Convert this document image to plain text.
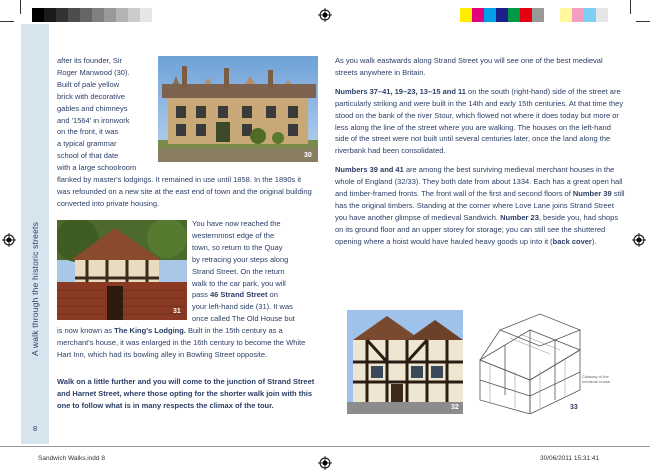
A walk through the historic streets
8
30
after its founder, Sir
Roger Manwood (30).
Built of pale yellow
brick with decorative
gables and chimneys
and '1564' in ironwork
on the front, it was
a typical grammar
school of that date
with a large schoolroom
flanked by master's lodgings. It remained in use until 1858. In the 1890s it was refounded on a new site at the east end of town and the original building converted into private housing.
31
You have now reached the
westernmost edge of the
town, so return to the Quay
by retracing your steps along
Strand Street. On the return
walk to the car park, you will
pass 46 Strand Street on
your left-hand side (31). It was
once called The Old House but
is now known as The King's Lodging. Built in the 15th century as a merchant's house, it was enlarged in the 16th century to become the White Hart Inn, which had its bowling alley in Bowling Street opposite.
Walk on a little further and you will come to the junction of Strand Street and Harnet Street, where those opting for the shorter walk join with this one to follow what is in many respects the climax of the tour.

As you walk eastwards along Strand Street you will see one of the best medieval streets anywhere in Britain.

Numbers 37–41, 19–23, 13–15 and 11 on the south (right-hand) side of the street are particularly striking and were built in the 14th and early 15th centuries. At that time they stood on the bank of the river Stour, which flowed not where it does today but more or less along the line of the street where you are walking. The houses on the left-hand side of the street were not built until several centuries later, once the land along the riverbank had been consolidated.

Numbers 39 and 41 are among the best surviving medieval merchant houses in the whole of England (32/33). They both date from about 1334. Each has a great open hall and timber-framed fronts. The front wall of the first and second floors of Number 39 still has the original timbers. Standing at the corner where Love Lane joins Strand Street you have another glimpse of medieval Sandwich. Number 23, beside you, had shops on its ground floor and an upper storey for storage; you can still see the shuttered opening where a hoist would have hauled heavy goods up into it (back cover).

32
Cutaway of the medieval house
33
Sandwich Walks.indd 8	30/06/2011 15:31:41
